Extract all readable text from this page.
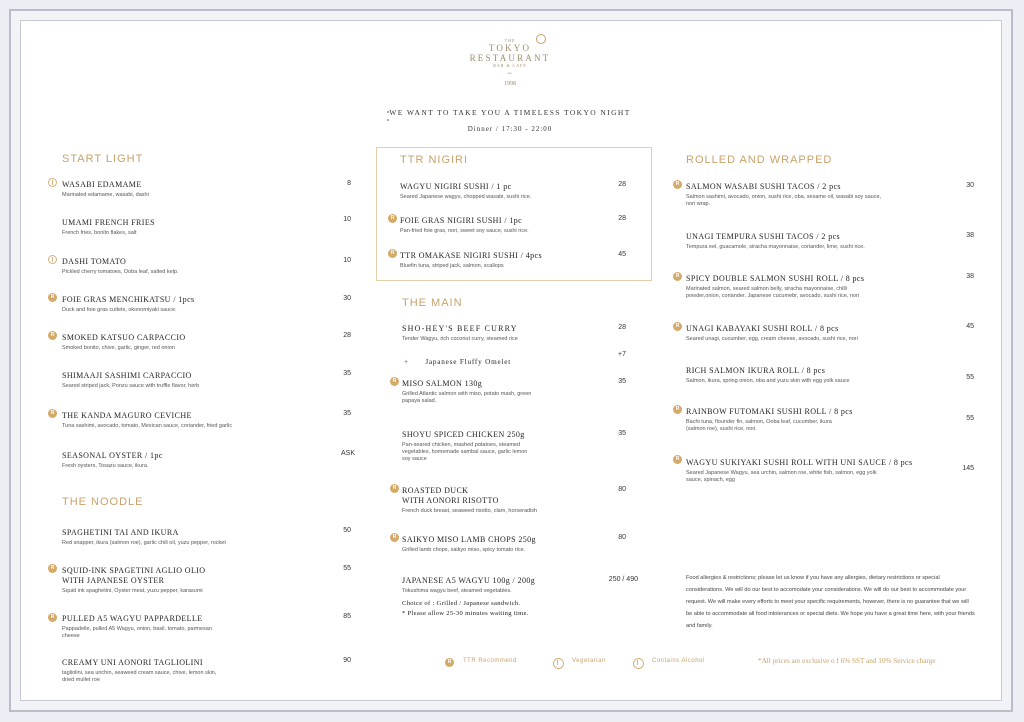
THE
TOKYO
RESTAURANT
BAR & CAFE
est.
1998
WE WANT TO TAKE YOU A TIMELESS TOKYO NIGHT
Dinner / 17:30 - 22:00
START LIGHT
WASABI EDAMAME
Marinated edamame, wasabi, dashi
8
UMAMI FRENCH FRIES
French fries, bonito flakes, salt
10
DASHI TOMATO
Pickled cherry tomatoes, Ooba leaf, salted kelp.
10
R FOIE GRAS MENCHIKATSU / 1pcs
Duck and foie gras cutlets, okonomiyaki sauce.
30
R SMOKED KATSUO CARPACCIO
Smoked bonito, chive, garlic, ginger, red onion
28
SHIMAAJI SASHIMI CARPACCIO
Seared striped jack, Ponzu sauce with truffle flavor, herb
35
R THE KANDA MAGURO CEVICHE
Tuna sashimi, avocado, tomato, Mexican sauce, coriander, fried garlic
35
SEASONAL OYSTER / 1pc
Fresh oysters, Tosazu sauce, ikura.
ASK
THE NOODLE
SPAGHETINI TAI AND IKURA
Red snapper, ikura (salmon roe), garlic chili oil, yuzu pepper, rocket
50
R SQUID-INK SPAGETINI AGLIO OLIO
WITH JAPANESE OYSTER
Squid ink spaghetini, Oyster meat, yuzu pepper, karasumi
55
R PULLED A5 WAGYU PAPPARDELLE
Pappadelle, pulled A5 Wagyu, onion, basil, tomato, parmesan
cheese
85
CREAMY UNI AONORI TAGLIOLINI
tagliolini, sea urichin, seaweed cream sauce, chive, lemon skin,
dried mullet roe
90
TTR NIGIRI
WAGYU NIGIRI SUSHI / 1 pc
Seared Japanese wagyu, chopped wasabi, sushi rice.
28
R FOIE GRAS NIGIRI SUSHI / 1pc
Pan-fried foie gras, nori, sweet soy sauce, sushi rice.
28
R TTR OMAKASE NIGIRI SUSHI / 4pcs
Bluefin tuna, striped jack, salmon, scallops
45
THE MAIN
SHO-HEY'S BEEF CURRY
Tender Wagyu, rich coconut curry, steamed rice
28
+ Japanese Fluffy Omelet
+7
R MISO SALMON 130g
Grilled Atlantic salmon with miso, potato mash, green
papaya salad.
35
SHOYU SPICED CHICKEN 250g
Pan-seared chicken, mashed potatoes, steamed
vegetables, homemade sambal sauce, garlic lemon
soy sauce
35
R ROASTED DUCK
WITH AONORI RISOTTO
French duck breast, seaweed risotto, clam, horseradish
80
R SAIKYO MISO LAMB CHOPS 250g
Grilled lamb chops, saikyo miso, spicy tomato rice.
80
JAPANESE A5 WAGYU 100g / 200g
Tokushima wagyu beef, steamed vegetables.
Choice of : Grilled / Japanese sandwich.
* Please allow 25-30 minutes waiting time.
250 / 490
ROLLED AND WRAPPED
R SALMON WASABI SUSHI TACOS / 2 pcs
Salmon sashimi, avocado, onion, sushi rice, oba, sesame oil, wasabi soy sauce,
nori wrap.
30
UNAGI TEMPURA SUSHI TACOS / 2 pcs
Tempura eel, guacamole, siracha mayonnaise, coriander, lime, sushi rice.
38
R SPICY DOUBLE SALMON SUSHI ROLL / 8 pcs
Marinated salmon, seared salmon belly, siracha mayonnaise, chilli
powder,onion, coriander, Japanese cucumebr, avocado, sushi rice, nori
38
R UNAGI KABAYAKI SUSHI ROLL / 8 pcs
Seared unagi, cucumber, egg, cream cheese, avocado, sushi rice, nori
45
RICH SALMON IKURA ROLL / 8 pcs
Salmon, ikura, spring onion, oba and yuzu skin with egg yolk sauce	55
R RAINBOW FUTOMAKI SUSHI ROLL / 8 pcs
Bachi tuna, flounder fin, salmon, Ooba leaf, cucumber, ikura
(salmon roe), sushi rice, nori.
55
R WAGYU SUKIYAKI SUSHI ROLL WITH UNI SAUCE / 8 pcs
Seared Japanese Wagyu, sea urchin, salmon roe, white fish, salmon, egg yolk
sauce, spinach, egg
145
Food allergies & restrictions; please let us know if you have any allergies, dietary restrictions or special considerations. We will do our best to accomodate your considerations. We will do our best to accommodate your request. We will make every efforts to meet your specific requirements, however, there is no guarantee that we will be able to accommodate all food intolerances or special diets. We hope you have a great time here, with your friends and family.
R	TTR Recommend	Vegetarian	Contains Alcohol	*All prices are exclusive o f 6% SST and 10% Service charge
